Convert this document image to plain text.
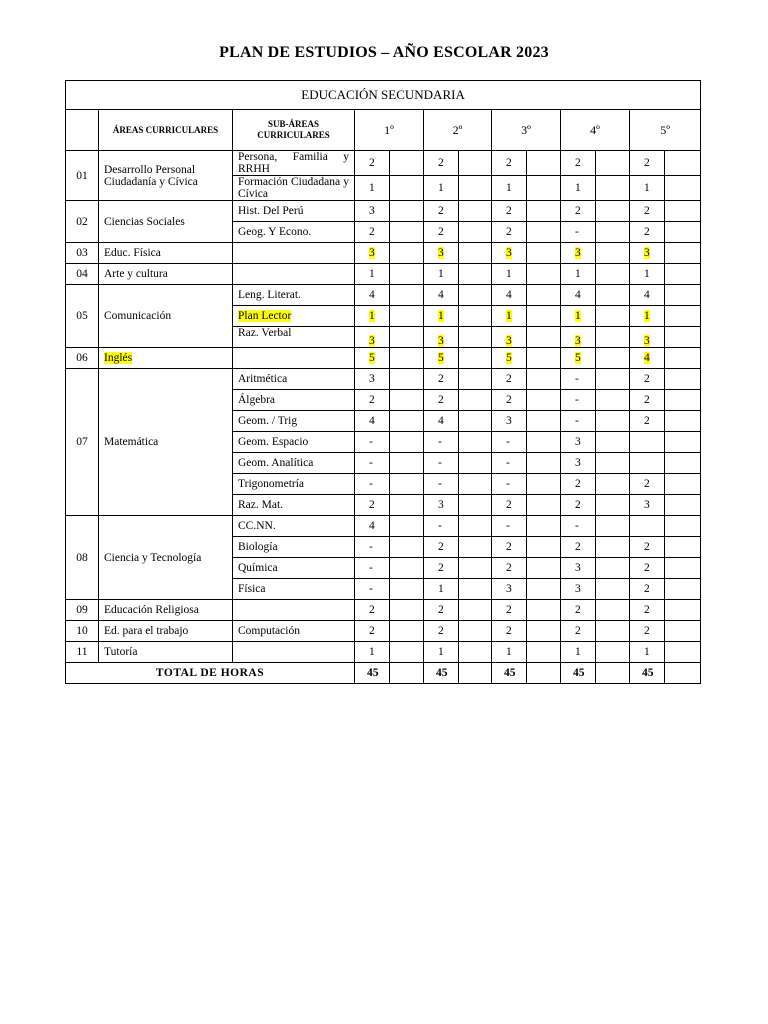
PLAN DE ESTUDIOS – AÑO ESCOLAR 2023
EDUCACIÓN SECUNDARIA												
	ÁREAS CURRICULARES	SUB-ÁREAS CURRICULARES	1º		2º		3º		4º		5º	
01	Desarrollo Personal Ciudadanía y Cívica	Persona, Familia y RRHH	2		2		2		2		2	
		Formación Ciudadana y Cívica	1		1		1		1		1	
02	Ciencias Sociales	Hist. Del Perú	3		2		2		2		2	
		Geog. Y Econo.	2		2		2		-		2	
03	Educ. Física		3		3		3		3		3	
04	Arte y cultura		1		1		1		1		1	
05	Comunicación	Leng. Literat.	4		4		4		4		4	
		Plan Lector	1		1		1		1		1	
		Raz. Verbal	3		3		3		3		3	
06	Inglés		5		5		5		5		4	
07	Matemática	Aritmética	3		2		2		-		2	
		Álgebra	2		2		2		-		2	
		Geom. / Trig	4		4		3		-		2	
		Geom. Espacio	-		-		-		3			
		Geom. Analítica	-		-		-		3			
		Trigonometría	-		-		-		2		2	
		Raz. Mat.	2		3		2		2		3	
08	Ciencia y Tecnología	CC.NN.	4		-		-		-			
		Biología	-		2		2		2		2	
		Química	-		2		2		3		2	
		Física	-		1		3		3		2	
09	Educación Religiosa		2		2		2		2		2	
10	Ed. para el trabajo	Computación	2		2		2		2		2	
11	Tutoría		1		1		1		1		1	
TOTAL DE HORAS			45		45		45		45		45	
